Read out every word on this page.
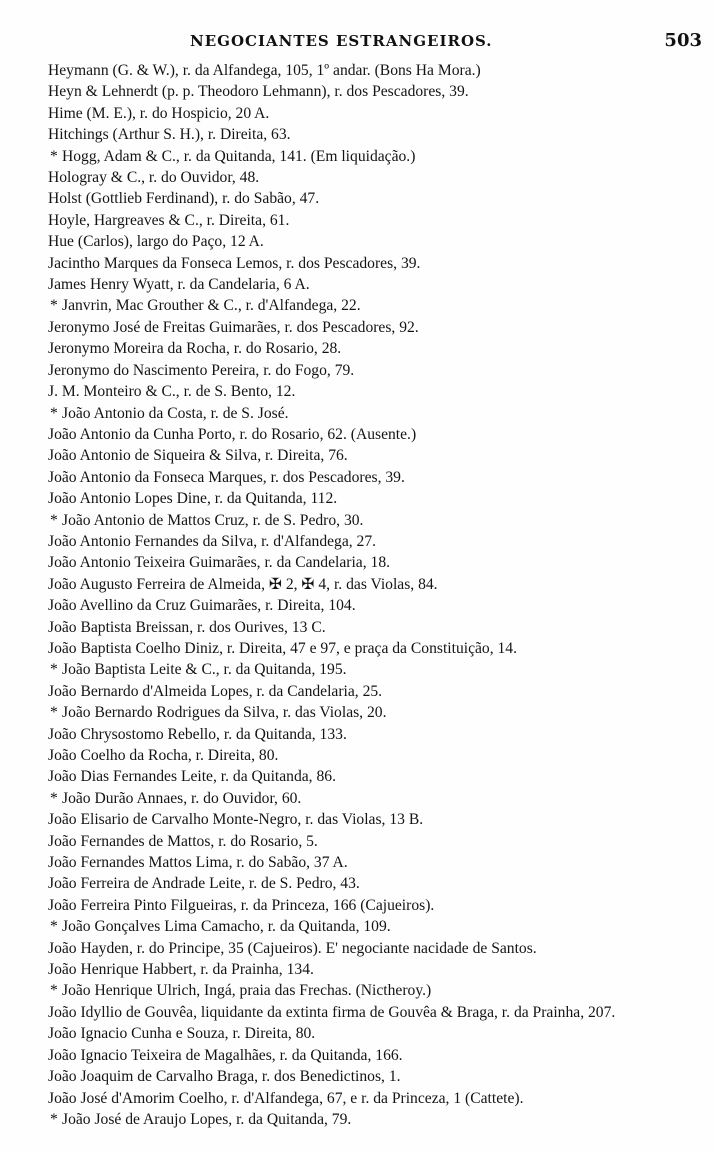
NEGOCIANTES ESTRANGEIROS.	503
Heymann (G. & W.), r. da Alfandega, 105, 1º andar. (Bons Ha Mora.)
Heyn & Lehnerdt (p. p. Theodoro Lehmann), r. dos Pescadores, 39.
Hime (M. E.), r. do Hospicio, 20 A.
Hitchings (Arthur S. H.), r. Direita, 63.
* Hogg, Adam & C., r. da Quitanda, 141. (Em liquidação.)
Hologray & C., r. do Ouvidor, 48.
Holst (Gottlieb Ferdinand), r. do Sabão, 47.
Hoyle, Hargreaves & C., r. Direita, 61.
Hue (Carlos), largo do Paço, 12 A.
Jacintho Marques da Fonseca Lemos, r. dos Pescadores, 39.
James Henry Wyatt, r. da Candelaria, 6 A.
* Janvrin, Mac Grouther & C., r. d'Alfandega, 22.
Jeronymo José de Freitas Guimarães, r. dos Pescadores, 92.
Jeronymo Moreira da Rocha, r. do Rosario, 28.
Jeronymo do Nascimento Pereira, r. do Fogo, 79.
J. M. Monteiro & C., r. de S. Bento, 12.
* João Antonio da Costa, r. de S. José.
João Antonio da Cunha Porto, r. do Rosario, 62. (Ausente.)
João Antonio de Siqueira & Silva, r. Direita, 76.
João Antonio da Fonseca Marques, r. dos Pescadores, 39.
João Antonio Lopes Dine, r. da Quitanda, 112.
* João Antonio de Mattos Cruz, r. de S. Pedro, 30.
João Antonio Fernandes da Silva, r. d'Alfandega, 27.
João Antonio Teixeira Guimarães, r. da Candelaria, 18.
João Augusto Ferreira de Almeida, ✠ 2, ✠ 4, r. das Violas, 84.
João Avellino da Cruz Guimarães, r. Direita, 104.
João Baptista Breissan, r. dos Ourives, 13 C.
João Baptista Coelho Diniz, r. Direita, 47 e 97, e praça da Constituição, 14.
* João Baptista Leite & C., r. da Quitanda, 195.
João Bernardo d'Almeida Lopes, r. da Candelaria, 25.
* João Bernardo Rodrigues da Silva, r. das Violas, 20.
João Chrysostomo Rebello, r. da Quitanda, 133.
João Coelho da Rocha, r. Direita, 80.
João Dias Fernandes Leite, r. da Quitanda, 86.
* João Durão Annaes, r. do Ouvidor, 60.
João Elisario de Carvalho Monte-Negro, r. das Violas, 13 B.
João Fernandes de Mattos, r. do Rosario, 5.
João Fernandes Mattos Lima, r. do Sabão, 37 A.
João Ferreira de Andrade Leite, r. de S. Pedro, 43.
João Ferreira Pinto Filgueiras, r. da Princeza, 166 (Cajueiros).
* João Gonçalves Lima Camacho, r. da Quitanda, 109.
João Hayden, r. do Principe, 35 (Cajueiros). E' negociante nacidade de Santos.
João Henrique Habbert, r. da Prainha, 134.
* João Henrique Ulrich, Ingá, praia das Frechas. (Nictheroy.)
João Idyllio de Gouvêa, liquidante da extinta firma de Gouvêa & Braga, r. da Prainha, 207.
João Ignacio Cunha e Souza, r. Direita, 80.
João Ignacio Teixeira de Magalhães, r. da Quitanda, 166.
João Joaquim de Carvalho Braga, r. dos Benedictinos, 1.
João José d'Amorim Coelho, r. d'Alfandega, 67, e r. da Princeza, 1 (Cattete).
* João José de Araujo Lopes, r. da Quitanda, 79.
